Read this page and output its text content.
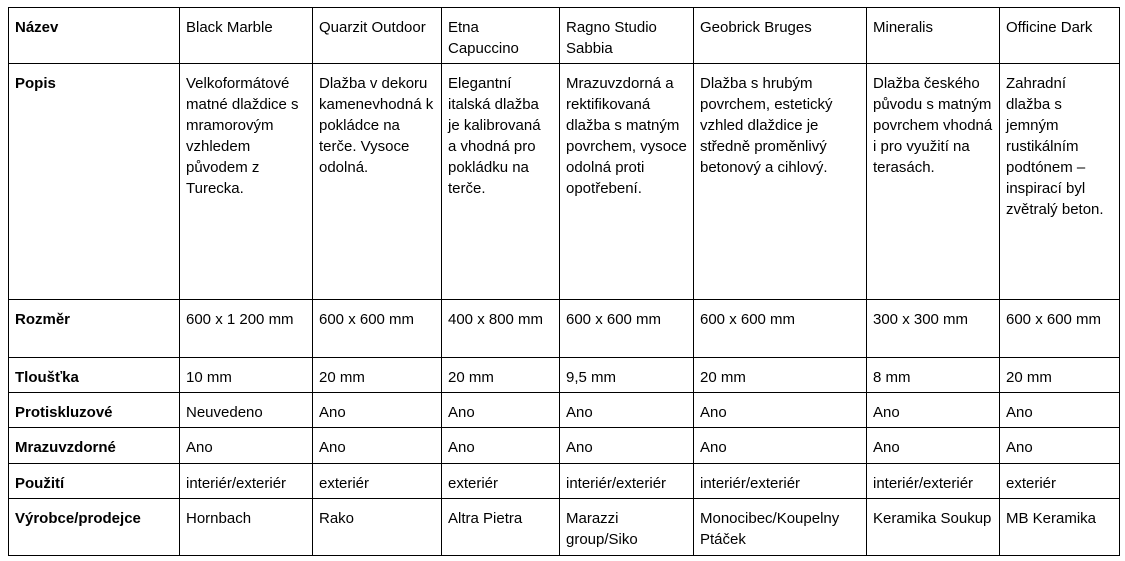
Název	Black Marble	Quarzit Outdoor	Etna Capuccino	Ragno Studio Sabbia	Geobrick Bruges	Mineralis	Officine Dark
Popis	Velkoformátové matné dlaždice s mramorovým vzhledem původem z Turecka.	Dlažba v dekoru kamenevhodná k pokládce na terče. Vysoce odolná.	Elegantní italská dlažba je kalibrovaná a vhodná pro pokládku na terče.	Mrazuvzdorná a rektifikovaná dlažba s matným povrchem, vysoce odolná proti opotřebení.	Dlažba s hrubým povrchem, estetický vzhled dlaždice je středně proměnlivý betonový a cihlový.	Dlažba českého původu s matným povrchem vhodná i pro využití na terasách.	Zahradní dlažba s jemným rustikálním podtónem – inspirací byl zvětralý beton.
Rozměr	600 x 1 200 mm	600 x 600 mm	400 x 800 mm	600 x 600 mm	600 x 600 mm	300 x 300 mm	600 x 600 mm
Tloušťka	10 mm	20 mm	20 mm	9,5 mm	20 mm	8 mm	20 mm
Protiskluzové	Neuvedeno	Ano	Ano	Ano	Ano	Ano	Ano
Mrazuvzdorné	Ano	Ano	Ano	Ano	Ano	Ano	Ano
Použití	interiér/exteriér	exteriér	exteriér	interiér/exteriér	interiér/exteriér	interiér/exteriér	exteriér
Výrobce/prodejce	Hornbach	Rako	Altra Pietra	Marazzi group/Siko	Monocibec/Koupelny Ptáček	Keramika Soukup	MB Keramika
